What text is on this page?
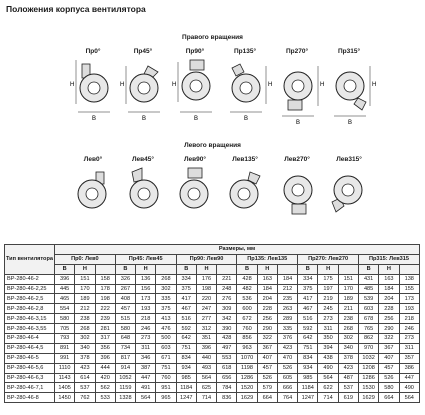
Положения корпуса вентилятора
Правого вращения
Пр0°
H
В
Пр45°
H
В
Пр90°
H
В
Пр135°
H
В
Пр270°
H
В
Пр315°
H
В
Левого вращения
Лев0°	Лев45°	Лев90°	Лев135°	Лев270°	Лев315°
Тип вентилятора	Размеры, мм																	
	Пр0: Лев0			Пр45: Лев45			Пр90: Лев90			Пр135: Лев135			Пр270: Лев270			Пр315: Лев315		
	В	Н		В	Н		В	Н		В	Н		В	Н		В	Н	
ВР-280-46-2	396	151	158	326	136	268	334	176	221	428	163	184	334	175	151	431	163	138
ВР-280-46-2,25	445	170	178	267	156	302	375	198	248	482	184	212	375	197	170	485	184	155
ВР-280-46-2,5	465	189	198	408	173	335	417	220	276	536	204	235	417	219	189	539	204	173
ВР-280-46-2,8	554	212	222	457	193	375	467	247	309	600	228	263	467	245	211	603	228	193
ВР-280-46-3,15	580	238	239	515	218	413	516	277	342	672	256	289	516	273	238	678	256	218
ВР-280-46-3,55	705	268	281	580	246	476	592	312	390	760	290	335	592	311	268	765	290	246
ВР-280-46-4	793	302	317	648	273	500	642	351	428	856	322	376	642	350	302	862	322	273
ВР-280-46-4,5	891	340	356	734	311	603	751	396	497	963	367	423	751	394	340	970	367	311
ВР-280-46-5	991	378	396	817	346	671	834	440	553	1070	407	470	834	438	378	1032	407	357
ВР-280-46-5,6	1110	423	444	914	387	751	934	493	618	1198	457	526	934	490	423	1208	457	386
ВР-280-46-6,3	1143	614	420	1052	447	760	985	564	656	1286	526	605	985	564	487	1286	526	447
ВР-280-46-7,1	1405	537	562	1159	491	951	1184	625	784	1520	579	666	1184	622	537	1530	580	490
ВР-280-46-8	1450	762	533	1328	564	965	1247	714	836	1629	664	764	1247	714	619	1629	664	564
